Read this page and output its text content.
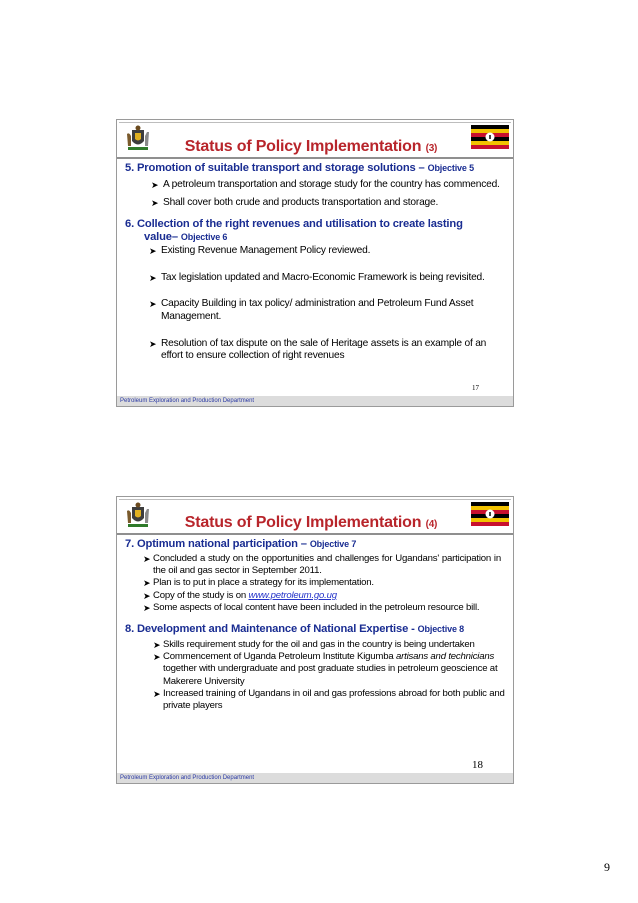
Status of Policy Implementation (3)
5. Promotion of suitable transport and storage solutions – Objective 5
➤ A petroleum transportation and storage study for the country has commenced.
➤ Shall cover both crude and products transportation and storage.
6. Collection of the right revenues and utilisation to create lasting
value– Objective 6
➤ Existing Revenue Management Policy reviewed.
➤ Tax legislation updated and Macro-Economic Framework is being revisited.
➤ Capacity Building in tax policy/ administration and Petroleum Fund Asset Management.
➤ Resolution of tax dispute on the sale of Heritage assets is an example of an effort to ensure collection of right revenues
17
Petroleum Exploration and Production Department
Status of Policy Implementation (4)
7. Optimum national participation – Objective 7
➤ Concluded a study on the opportunities and challenges for Ugandans' participation in the oil and gas sector in September 2011.
➤ Plan is to put in place a strategy for its implementation.
➤ Copy of the study is on www.petroleum.go.ug
➤ Some aspects of local content have been included in the petroleum resource bill.
8. Development and Maintenance of National Expertise - Objective 8
➤ Skills requirement study for the oil and gas in the country is being undertaken
➤ Commencement of Uganda Petroleum Institute Kigumba artisans and technicians together with undergraduate and post graduate studies in petroleum geoscience at Makerere University
➤ Increased training of Ugandans in oil and gas professions abroad for both public and private players
18
Petroleum Exploration and Production Department
9
